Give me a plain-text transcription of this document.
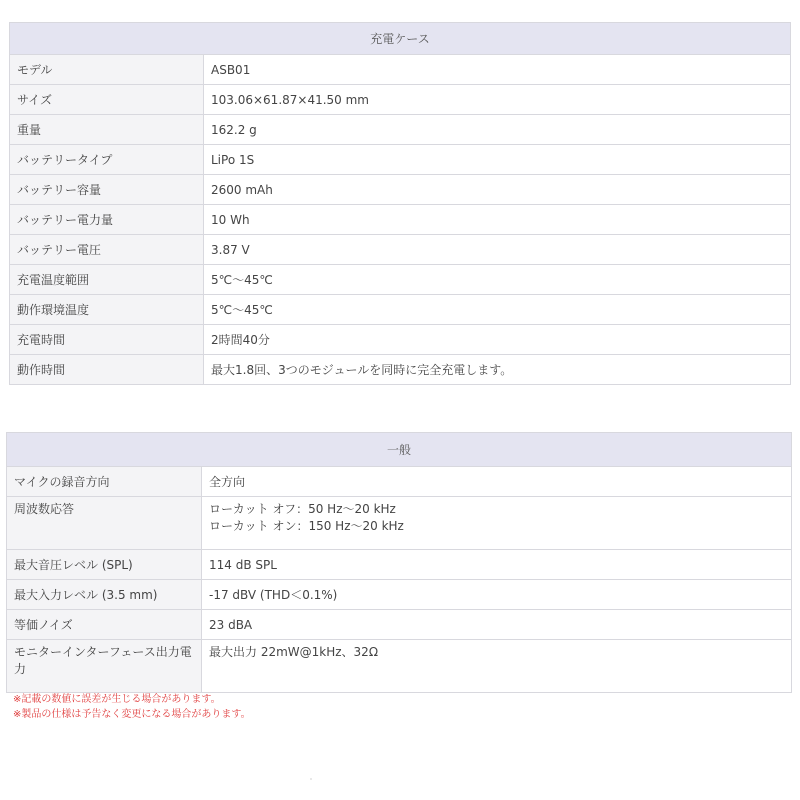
充電ケース	
モデル	ASB01
サイズ	103.06×61.87×41.50 mm
重量	162.2 g
バッテリータイプ	LiPo 1S
バッテリー容量	2600 mAh
バッテリー電力量	10 Wh
バッテリー電圧	3.87 V
充電温度範囲	5℃～45℃
動作環境温度	5℃～45℃
充電時間	2時間40分
動作時間	最大1.8回、3つのモジュールを同時に完全充電します。
一般	
マイクの録音方向	全方向
周波数応答	ローカット オフ：50 Hz～20 kHz
ローカット オン：150 Hz～20 kHz

最大音圧レベル (SPL)	114 dB SPL
最大入力レベル (3.5 mm)	-17 dBV (THD＜0.1%)
等価ノイズ	23 dBA
モニターインターフェース出力電力	最大出力 22mW@1kHz、32Ω

※記載の数値に誤差が生じる場合があります。

※製品の仕様は予告なく変更になる場合があります。
